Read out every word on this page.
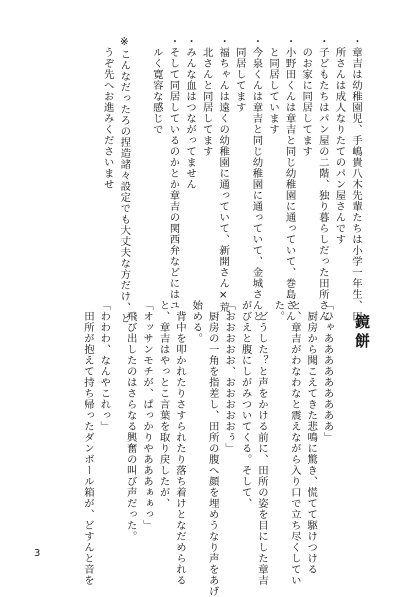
・章吉は幼稚園児、手嶋貴八木先輩たちは小学一年生、田
　所さんは成人なりたてのパン屋さんです
・子どもたちはパン屋の二階、独り暮らしだった田所さん
　のお家に同居してます
・小野田くんは章吉と同じ幼稚園に通っていて、巻島さん
　と同居しています
・今泉くんは章吉と同じ幼稚園に通っていて、金城さんと
　同居してます
・福ちゃんは遠くの幼稚園に通っていて、新開さん×荒
　北さんと同居してます
・みんな血はつながってません
・そして同居しているのかとか章吉の関西弁などにはユ
　ルく寛容な感じで
※こんなだったろの捏造諸々設定でも大丈夫な方だけ、ど
　うぞ先へお進みくださいませ
鏡餅
「ひゃあああああああああ」
　厨房から聞こえてきた悲鳴に驚き、慌てて駆けつける
と、章吉がわなわなと震えながら入り口で立ち尽くしてい
た。
　どうした？と声をかける前に、田所の姿を目にした章吉
がびえと腹にしがみついてくる。そして、
「おおおおお、おおおおおぅ」
　厨房の一角を指差し、田所の腹へ顔を埋めうなり声をあげ
始める。
　背中を叩かれたりさすられたり落ち着けとなだめられる
と、章吉はやっとこ言葉を取り戻したが、
「オッサンモチが、ぱっかりやあああぁぁっ」
　飛び出したのはさらなる興奮の叫び声だった。
「わわわ、なんやこれっ」
　田所が抱えて持ち帰ったダンボール箱が、どすんと音を
3
